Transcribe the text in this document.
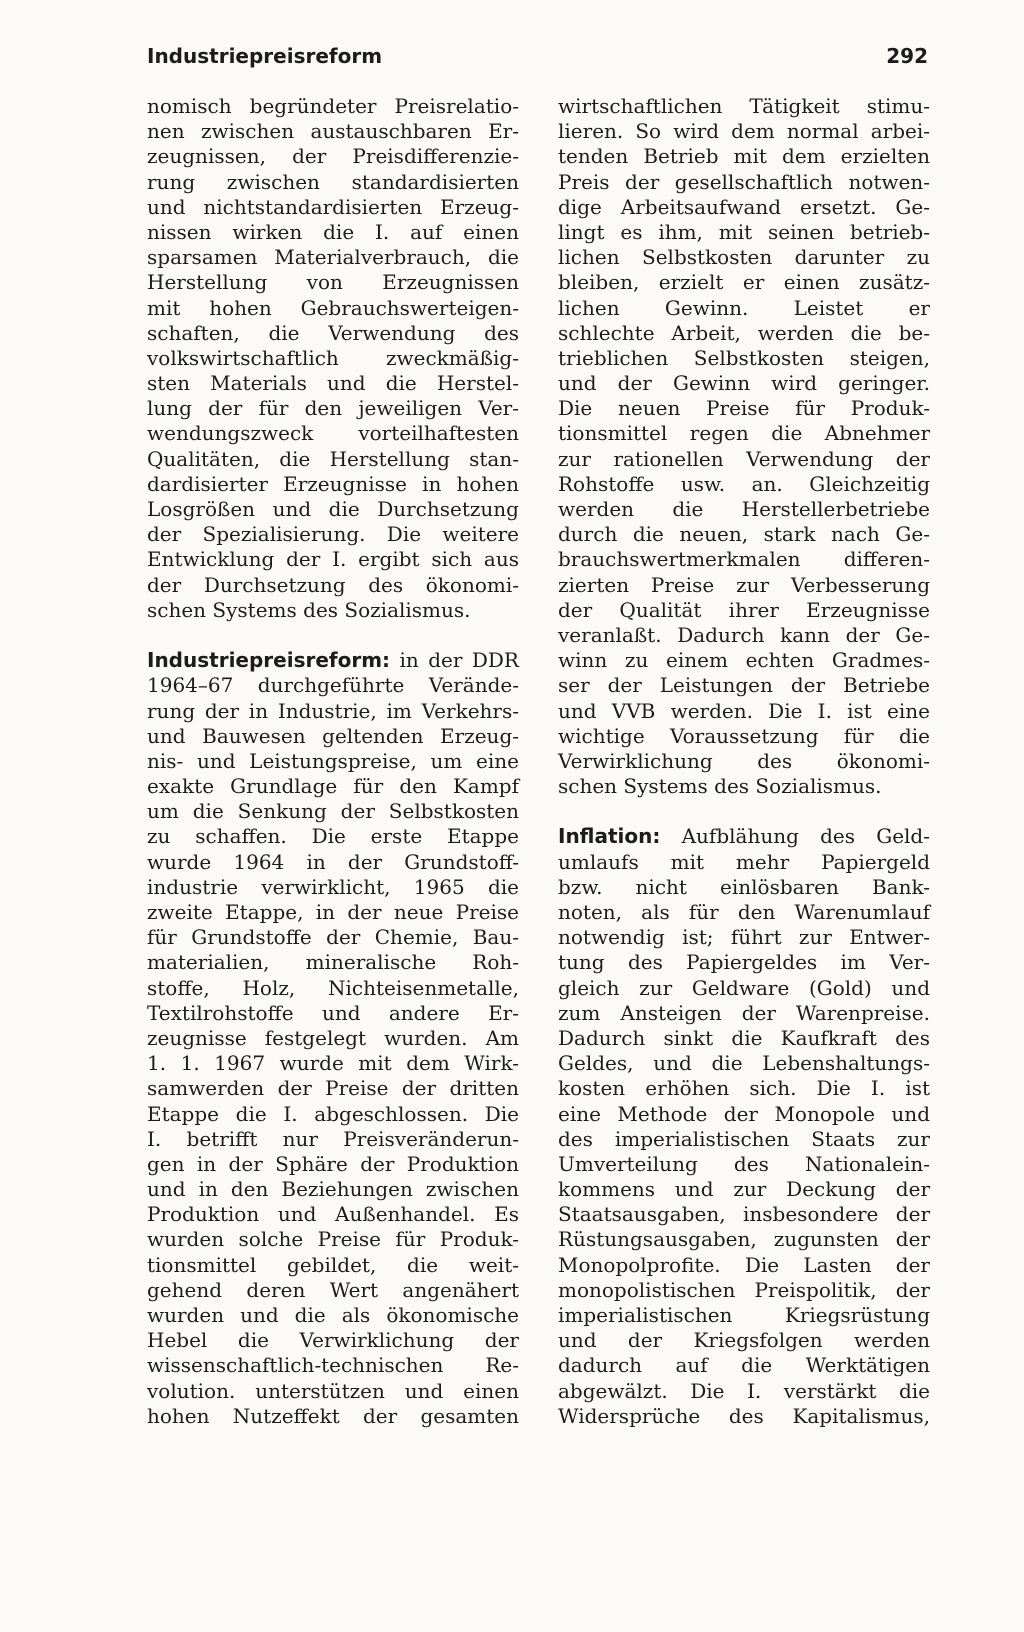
Industriepreisreform	292
nomisch begründeter Preisrelatio-
nen zwischen austauschbaren Er-
zeugnissen, der Preisdifferenzie-
rung zwischen standardisierten
und nichtstandardisierten Erzeug-
nissen wirken die I. auf einen
sparsamen Materialverbrauch, die
Herstellung von Erzeugnissen
mit hohen Gebrauchswerteigen-
schaften, die Verwendung des
volkswirtschaftlich zweckmäßig-
sten Materials und die Herstel-
lung der für den jeweiligen Ver-
wendungszweck vorteilhaftesten
Qualitäten, die Herstellung stan-
dardisierter Erzeugnisse in hohen
Losgrößen und die Durchsetzung
der Spezialisierung. Die weitere
Entwicklung der I. ergibt sich aus
der Durchsetzung des ökonomi-
schen Systems des Sozialismus.
Industriepreisreform: in der DDR
1964–67 durchgeführte Verände-
rung der in Industrie, im Verkehrs-
und Bauwesen geltenden Erzeug-
nis- und Leistungspreise, um eine
exakte Grundlage für den Kampf
um die Senkung der Selbstkosten
zu schaffen. Die erste Etappe
wurde 1964 in der Grundstoff-
industrie verwirklicht, 1965 die
zweite Etappe, in der neue Preise
für Grundstoffe der Chemie, Bau-
materialien, mineralische Roh-
stoffe, Holz, Nichteisenmetalle,
Textilrohstoffe und andere Er-
zeugnisse festgelegt wurden. Am
1. 1. 1967 wurde mit dem Wirk-
samwerden der Preise der dritten
Etappe die I. abgeschlossen. Die
I. betrifft nur Preisveränderun-
gen in der Sphäre der Produktion
und in den Beziehungen zwischen
Produktion und Außenhandel. Es
wurden solche Preise für Produk-
tionsmittel gebildet, die weit-
gehend deren Wert angenähert
wurden und die als ökonomische
Hebel die Verwirklichung der
wissenschaftlich-technischen Re-
volution. unterstützen und einen
hohen Nutzeffekt der gesamten
wirtschaftlichen Tätigkeit stimu-
lieren. So wird dem normal arbei-
tenden Betrieb mit dem erzielten
Preis der gesellschaftlich notwen-
dige Arbeitsaufwand ersetzt. Ge-
lingt es ihm, mit seinen betrieb-
lichen Selbstkosten darunter zu
bleiben, erzielt er einen zusätz-
lichen Gewinn. Leistet er
schlechte Arbeit, werden die be-
trieblichen Selbstkosten steigen,
und der Gewinn wird geringer.
Die neuen Preise für Produk-
tionsmittel regen die Abnehmer
zur rationellen Verwendung der
Rohstoffe usw. an. Gleichzeitig
werden die Herstellerbetriebe
durch die neuen, stark nach Ge-
brauchswertmerkmalen differen-
zierten Preise zur Verbesserung
der Qualität ihrer Erzeugnisse
veranlaßt. Dadurch kann der Ge-
winn zu einem echten Gradmes-
ser der Leistungen der Betriebe
und VVB werden. Die I. ist eine
wichtige Voraussetzung für die
Verwirklichung des ökonomi-
schen Systems des Sozialismus.
Inflation: Aufblähung des Geld-
umlaufs mit mehr Papiergeld
bzw. nicht einlösbaren Bank-
noten, als für den Warenumlauf
notwendig ist; führt zur Entwer-
tung des Papiergeldes im Ver-
gleich zur Geldware (Gold) und
zum Ansteigen der Warenpreise.
Dadurch sinkt die Kaufkraft des
Geldes, und die Lebenshaltungs-
kosten erhöhen sich. Die I. ist
eine Methode der Monopole und
des imperialistischen Staats zur
Umverteilung des Nationalein-
kommens und zur Deckung der
Staatsausgaben, insbesondere der
Rüstungsausgaben, zugunsten der
Monopolprofite. Die Lasten der
monopolistischen Preispolitik, der
imperialistischen Kriegsrüstung
und der Kriegsfolgen werden
dadurch auf die Werktätigen
abgewälzt. Die I. verstärkt die
Widersprüche des Kapitalismus,
